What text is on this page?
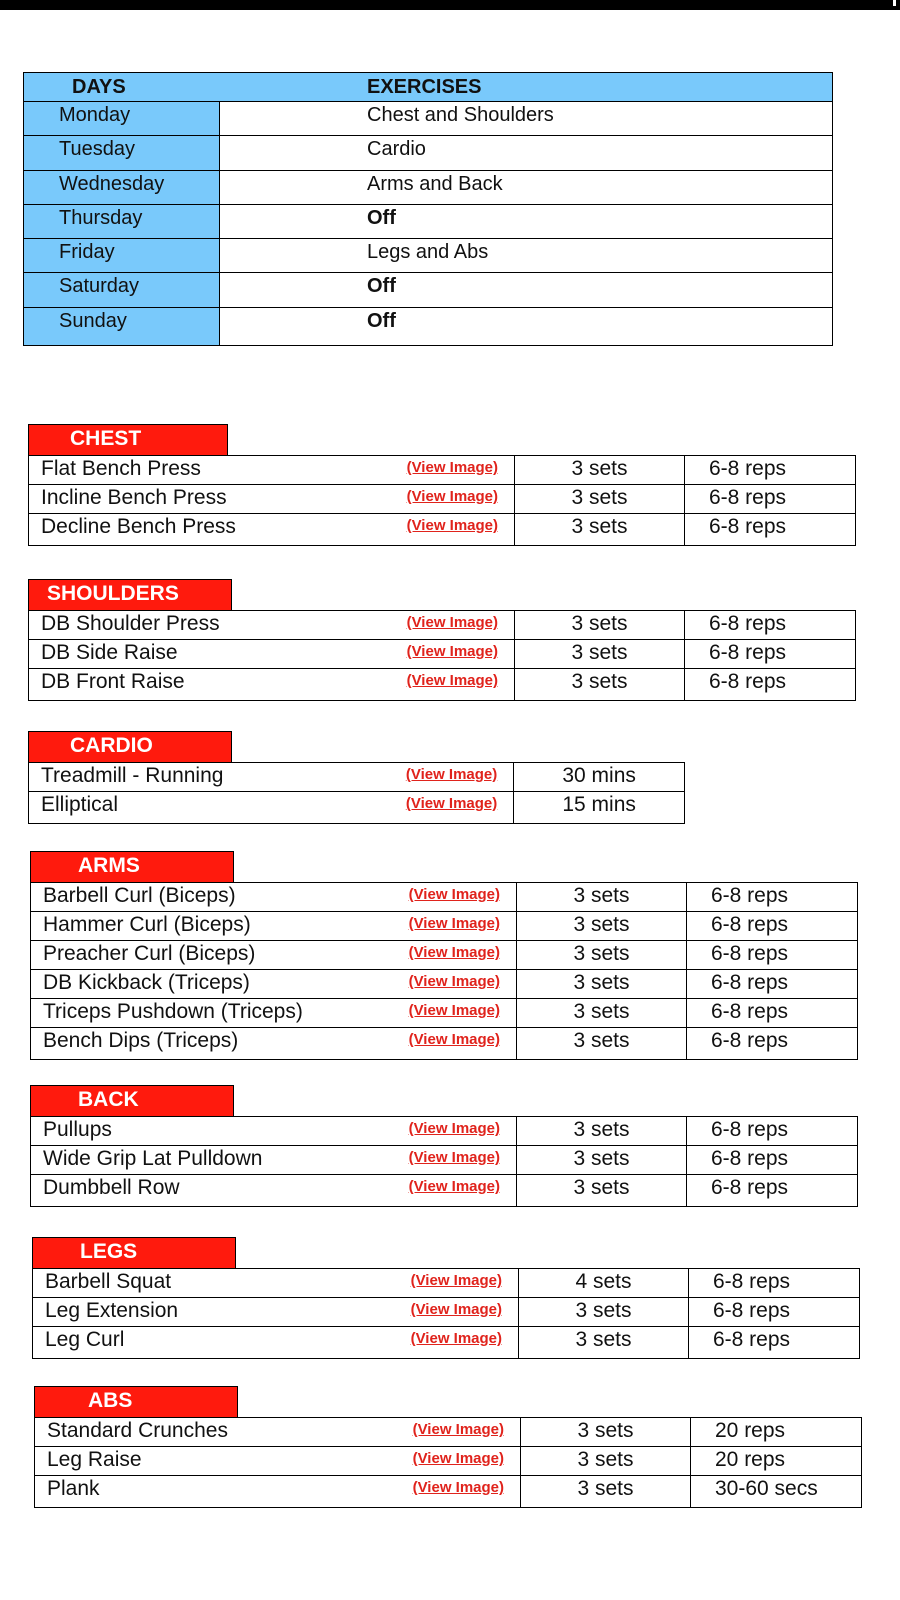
DAYS	EXERCISES
Monday	Chest and Shoulders
Tuesday	Cardio
Wednesday	Arms and Back
Thursday	Off
Friday	Legs and Abs
Saturday	Off
Sunday	Off
CHEST
Flat Bench Press	(View Image)	3 sets	6-8 reps
Incline Bench Press	(View Image)	3 sets	6-8 reps
Decline Bench Press	(View Image)	3 sets	6-8 reps
SHOULDERS
DB Shoulder Press	(View Image)	3 sets	6-8 reps
DB Side Raise	(View Image)	3 sets	6-8 reps
DB Front Raise	(View Image)	3 sets	6-8 reps
CARDIO
Treadmill - Running	(View Image)	30 mins
Elliptical	(View Image)	15 mins
ARMS
Barbell Curl (Biceps)	(View Image)	3 sets	6-8 reps
Hammer Curl (Biceps)	(View Image)	3 sets	6-8 reps
Preacher Curl (Biceps)	(View Image)	3 sets	6-8 reps
DB Kickback (Triceps)	(View Image)	3 sets	6-8 reps
Triceps Pushdown (Triceps)	(View Image)	3 sets	6-8 reps
Bench Dips (Triceps)	(View Image)	3 sets	6-8 reps
BACK
Pullups	(View Image)	3 sets	6-8 reps
Wide Grip Lat Pulldown	(View Image)	3 sets	6-8 reps
Dumbbell Row	(View Image)	3 sets	6-8 reps
LEGS
Barbell Squat	(View Image)	4 sets	6-8 reps
Leg Extension	(View Image)	3 sets	6-8 reps
Leg Curl	(View Image)	3 sets	6-8 reps
ABS
Standard Crunches	(View Image)	3 sets	20 reps
Leg Raise	(View Image)	3 sets	20 reps
Plank	(View Image)	3 sets	30-60 secs
